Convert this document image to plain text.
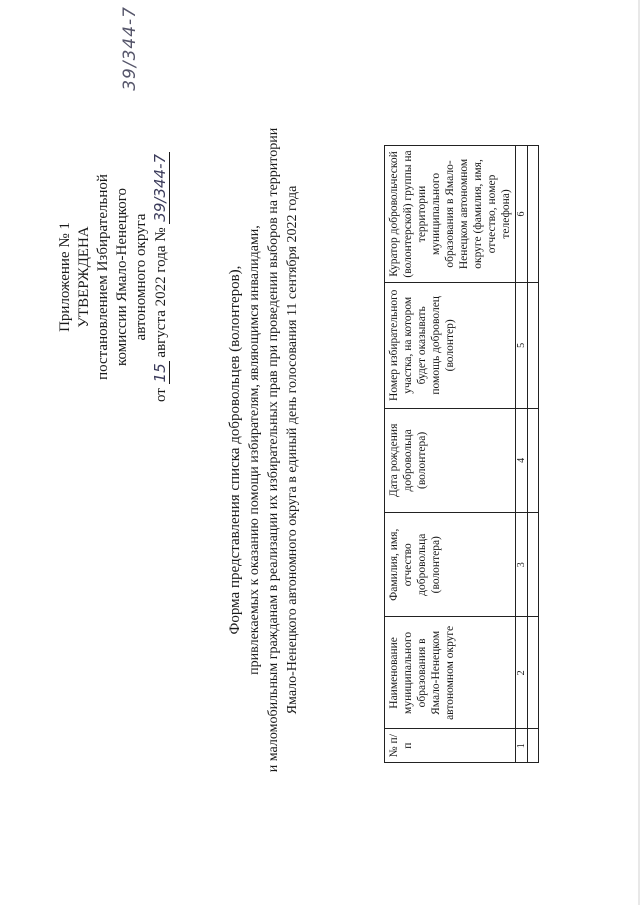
Приложение № 1 УТВЕРЖДЕНА постановлением Избирательной комиссии Ямало-Ненецкого автономного округа
от 15 августа 2022 года № 39/344-7
39/344-7
Форма представления списка добровольцев (волонтеров), привлекаемых к оказанию помощи избирателям, являющимся инвалидами, и маломобильным гражданам в реализации их избирательных прав при проведении выборов на территории Ямало-Ненецкого автономного округа в единый день голосования 11 сентября 2022 года
№ п/п	Наименование муниципального образования в Ямало-Ненецком автономном округе	Фамилия, имя, отчество добровольца (волонтера)	Дата рождения добровольца (волонтера)	Номер избирательного участка, на котором будет оказывать помощь доброволец (волонтер)	Куратор добровольческой (волонтерской) группы на территории муниципального образования в Ямало-Ненецком автономном округе (фамилия, имя, отчество, номер телефона)
1	2	3	4	5	6
